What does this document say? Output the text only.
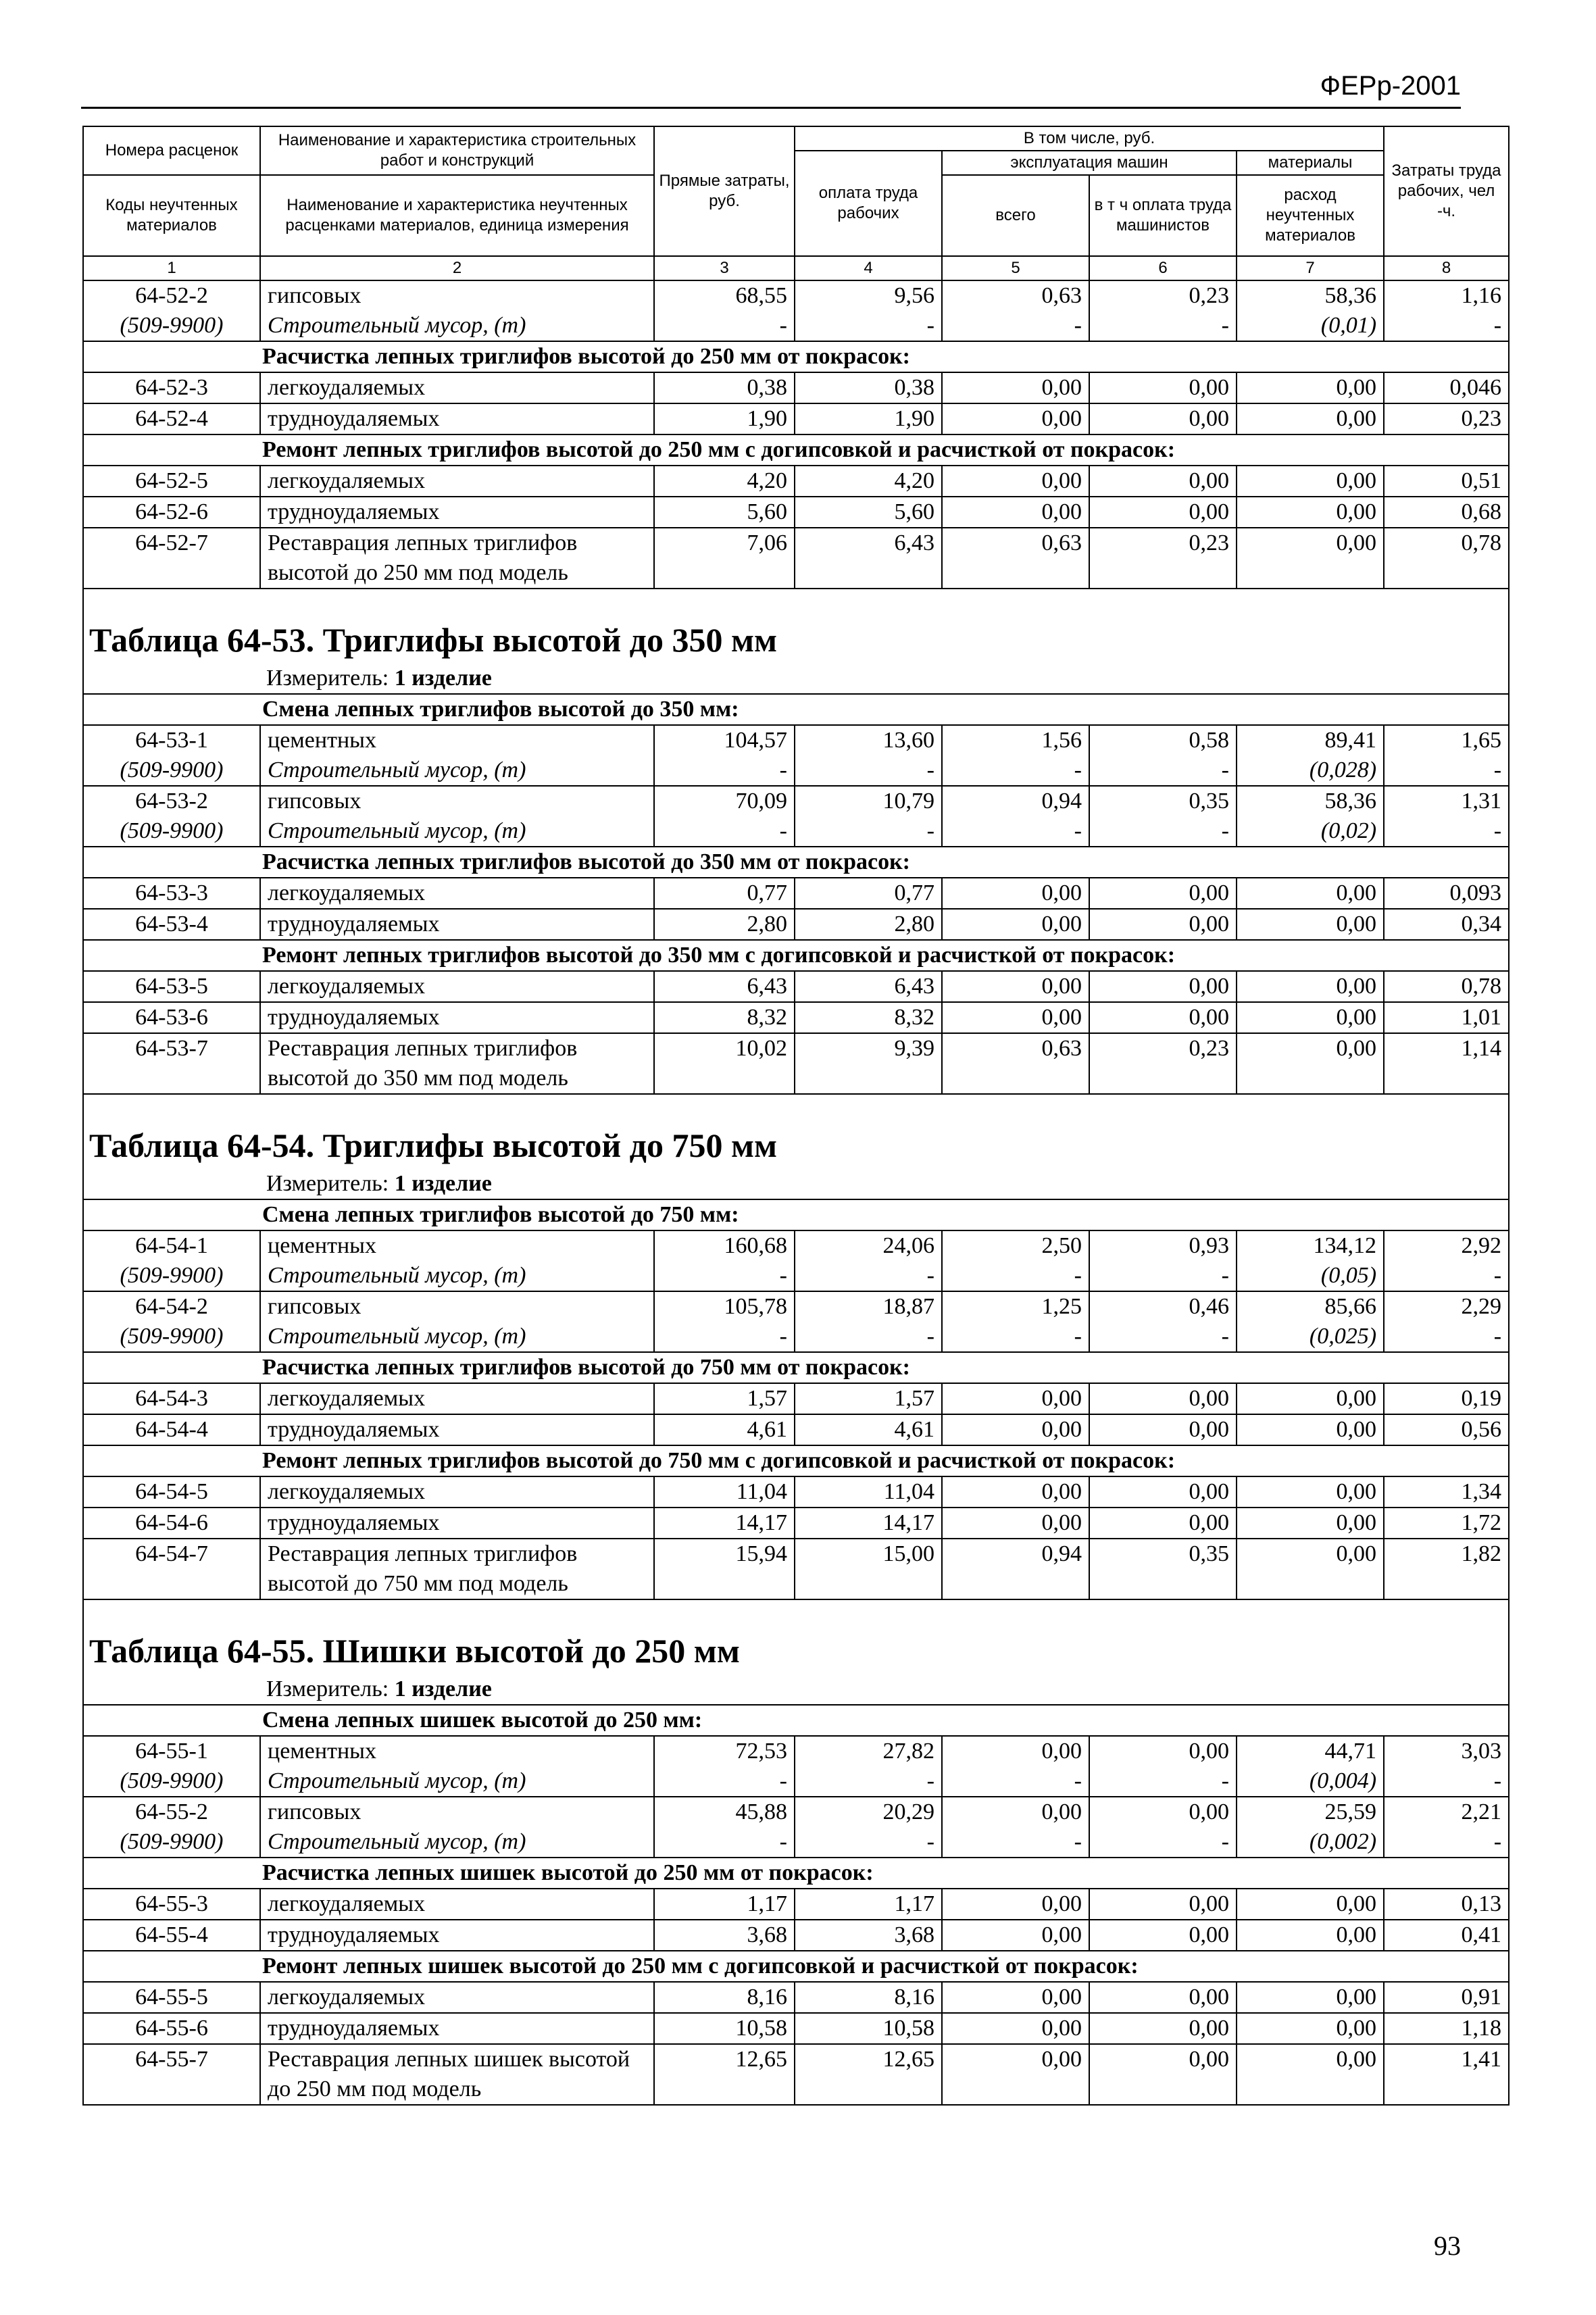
ФЕРр-2001
Номера расценок	Наименование и характеристика строительных работ и конструкций	Прямые затраты, руб.	В том числе, руб.				Затраты труда рабочих, чел -ч.
			оплата труда рабочих	эксплуатация машин		материалы	
Коды неучтенных материалов	Наименование и характеристика неучтенных расценками материалов, единица измерения			всего	в т ч оплата труда машинистов	расход неучтенных материалов	
1	2	3	4	5	6	7	8
64-52-2	гипсовых	68,55	9,56	0,63	0,23	58,36	1,16
(509-9900)	Строительный мусор, (т)	-	-	-	-	(0,01)	-
Расчистка лепных триглифов высотой до 250 мм от покрасок:							
64-52-3	легкоудаляемых	0,38	0,38	0,00	0,00	0,00	0,046
64-52-4	трудноудаляемых	1,90	1,90	0,00	0,00	0,00	0,23
Ремонт лепных триглифов высотой до 250 мм с догипсовкой и расчисткой от покрасок:							
64-52-5	легкоудаляемых	4,20	4,20	0,00	0,00	0,00	0,51
64-52-6	трудноудаляемых	5,60	5,60	0,00	0,00	0,00	0,68
64-52-7	Реставрация лепных триглифов высотой до 250 мм под модель	7,06	6,43	0,63	0,23	0,00	0,78

Таблица 64-53. Триглифы высотой до 350 мм							
Измеритель: 1 изделие							
Смена лепных триглифов высотой до 350 мм:							
64-53-1	цементных	104,57	13,60	1,56	0,58	89,41	1,65
(509-9900)	Строительный мусор, (т)	-	-	-	-	(0,028)	-
64-53-2	гипсовых	70,09	10,79	0,94	0,35	58,36	1,31
(509-9900)	Строительный мусор, (т)	-	-	-	-	(0,02)	-
Расчистка лепных триглифов высотой до 350 мм от покрасок:							
64-53-3	легкоудаляемых	0,77	0,77	0,00	0,00	0,00	0,093
64-53-4	трудноудаляемых	2,80	2,80	0,00	0,00	0,00	0,34
Ремонт лепных триглифов высотой до 350 мм с догипсовкой и расчисткой от покрасок:							
64-53-5	легкоудаляемых	6,43	6,43	0,00	0,00	0,00	0,78
64-53-6	трудноудаляемых	8,32	8,32	0,00	0,00	0,00	1,01
64-53-7	Реставрация лепных триглифов высотой до 350 мм под модель	10,02	9,39	0,63	0,23	0,00	1,14

Таблица 64-54. Триглифы высотой до 750 мм							
Измеритель: 1 изделие							
Смена лепных триглифов высотой до 750 мм:							
64-54-1	цементных	160,68	24,06	2,50	0,93	134,12	2,92
(509-9900)	Строительный мусор, (т)	-	-	-	-	(0,05)	-
64-54-2	гипсовых	105,78	18,87	1,25	0,46	85,66	2,29
(509-9900)	Строительный мусор, (т)	-	-	-	-	(0,025)	-
Расчистка лепных триглифов высотой до 750 мм от покрасок:							
64-54-3	легкоудаляемых	1,57	1,57	0,00	0,00	0,00	0,19
64-54-4	трудноудаляемых	4,61	4,61	0,00	0,00	0,00	0,56
Ремонт лепных триглифов высотой до 750 мм с догипсовкой и расчисткой от покрасок:							
64-54-5	легкоудаляемых	11,04	11,04	0,00	0,00	0,00	1,34
64-54-6	трудноудаляемых	14,17	14,17	0,00	0,00	0,00	1,72
64-54-7	Реставрация лепных триглифов высотой до 750 мм под модель	15,94	15,00	0,94	0,35	0,00	1,82

Таблица 64-55. Шишки высотой до 250 мм							
Измеритель: 1 изделие							
Смена лепных шишек высотой до 250 мм:							
64-55-1	цементных	72,53	27,82	0,00	0,00	44,71	3,03
(509-9900)	Строительный мусор, (т)	-	-	-	-	(0,004)	-
64-55-2	гипсовых	45,88	20,29	0,00	0,00	25,59	2,21
(509-9900)	Строительный мусор, (т)	-	-	-	-	(0,002)	-
Расчистка лепных шишек высотой до 250 мм от покрасок:							
64-55-3	легкоудаляемых	1,17	1,17	0,00	0,00	0,00	0,13
64-55-4	трудноудаляемых	3,68	3,68	0,00	0,00	0,00	0,41
Ремонт лепных шишек высотой до 250 мм с догипсовкой и расчисткой от покрасок:							
64-55-5	легкоудаляемых	8,16	8,16	0,00	0,00	0,00	0,91
64-55-6	трудноудаляемых	10,58	10,58	0,00	0,00	0,00	1,18
64-55-7	Реставрация лепных шишек высотой до 250 мм под модель	12,65	12,65	0,00	0,00	0,00	1,41
93
